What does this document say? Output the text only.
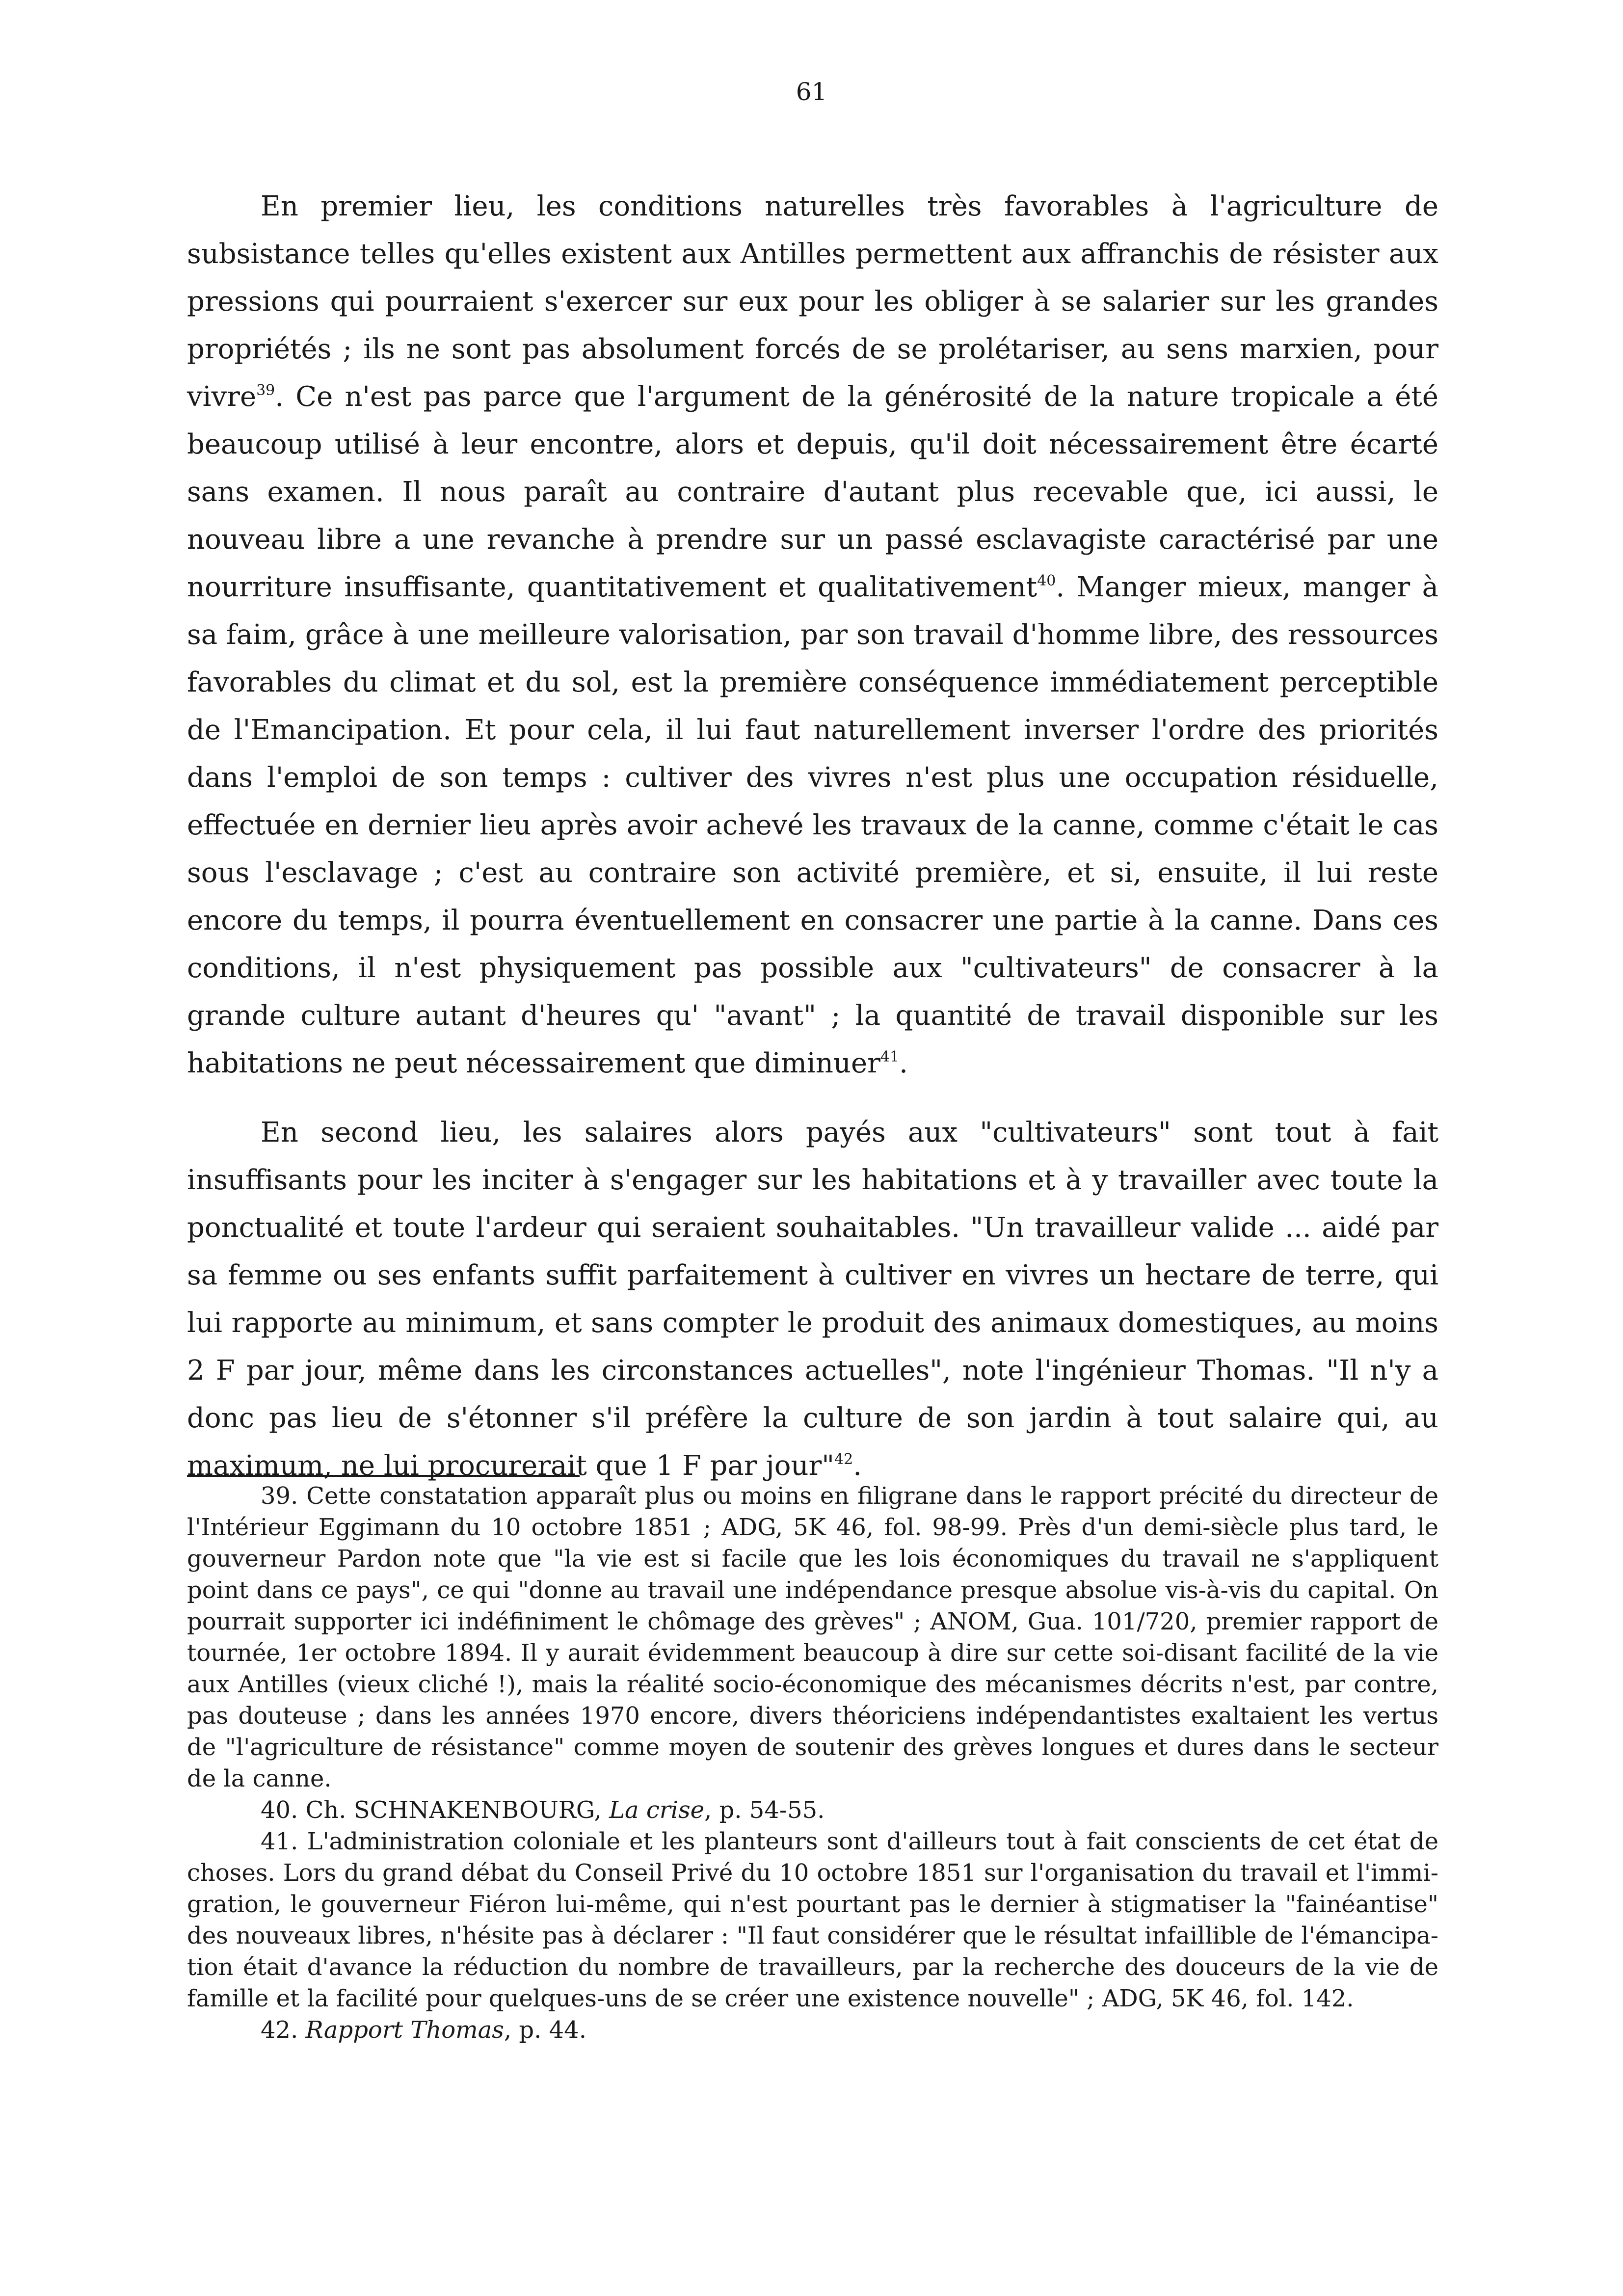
61

En premier lieu, les conditions naturelles très favorables à l'agriculture de subsistance telles qu'elles existent aux Antilles permettent aux affranchis de résister aux pressions qui pourraient s'exercer sur eux pour les obliger à se salarier sur les grandes propriétés ; ils ne sont pas absolument forcés de se prolétariser, au sens marxien, pour vivre$^{39}$. Ce n'est pas parce que l'argument de la générosité de la nature tropicale a été beaucoup utilisé à leur encontre, alors et depuis, qu'il doit nécessairement être écarté sans examen. Il nous paraît au contraire d'autant plus recevable que, ici aussi, le nouveau libre a une revanche à prendre sur un passé esclavagiste caractérisé par une nourriture insuffisante, quantitativement et qualitativement$^{40}$. Manger mieux, manger à sa faim, grâce à une meilleure valorisation, par son travail d'homme libre, des ressources favorables du climat et du sol, est la première conséquence immédiatement perceptible de l'Emancipation. Et pour cela, il lui faut naturellement inverser l'ordre des priorités dans l'emploi de son temps : cultiver des vivres n'est plus une occupation résiduelle, effectuée en dernier lieu après avoir achevé les travaux de la canne, comme c'était le cas sous l'esclavage ; c'est au contraire son activité première, et si, ensuite, il lui reste encore du temps, il pourra éventuellement en consacrer une partie à la canne. Dans ces conditions, il n'est physiquement pas possible aux "cultivateurs" de consacrer à la grande culture autant d'heures qu' "avant" ; la quantité de travail disponible sur les habitations ne peut nécessairement que diminuer$^{41}$.

En second lieu, les salaires alors payés aux "cultivateurs" sont tout à fait insuffisants pour les inciter à s'engager sur les habitations et à y travailler avec toute la ponctualité et toute l'ardeur qui seraient souhaitables. "Un travailleur valide ... aidé par sa femme ou ses enfants suffit parfaitement à cultiver en vivres un hectare de terre, qui lui rapporte au minimum, et sans compter le produit des animaux domestiques, au moins 2 F par jour, même dans les circonstances actuelles", note l'ingénieur Thomas. "Il n'y a donc pas lieu de s'étonner s'il préfère la culture de son jardin à tout salaire qui, au maximum, ne lui procurerait que 1 F par jour"$^{42}$.

39. Cette constatation apparaît plus ou moins en filigrane dans le rapport précité du directeur de l'Intérieur Eggimann du 10 octobre 1851 ; ADG, 5K 46, fol. 98-99. Près d'un demi-siècle plus tard, le gouverneur Pardon note que "la vie est si facile que les lois économiques du travail ne s'appliquent point dans ce pays", ce qui "donne au travail une indépendance presque absolue vis-à-vis du capital. On pourrait supporter ici indéfiniment le chômage des grèves" ; ANOM, Gua. 101/720, premier rapport de tournée, 1er octobre 1894. Il y aurait évidemment beaucoup à dire sur cette soi-disant facilité de la vie aux Antilles (vieux cliché !), mais la réalité socio-économique des mécanismes décrits n'est, par contre, pas douteuse ; dans les années 1970 encore, divers théoriciens indépendantistes exaltaient les vertus de "l'agriculture de résistance" comme moyen de soutenir des grèves longues et dures dans le secteur de la canne.

40. Ch. SCHNAKENBOURG, La crise, p. 54-55.

41. L'administration coloniale et les planteurs sont d'ailleurs tout à fait conscients de cet état de choses. Lors du grand débat du Conseil Privé du 10 octobre 1851 sur l'organisation du travail et l'immigration, le gouverneur Fiéron lui-même, qui n'est pourtant pas le dernier à stigmatiser la "fainéantise" des nouveaux libres, n'hésite pas à déclarer : "Il faut considérer que le résultat infaillible de l'émancipation était d'avance la réduction du nombre de travailleurs, par la recherche des douceurs de la vie de famille et la facilité pour quelques-uns de se créer une existence nouvelle" ; ADG, 5K 46, fol. 142.

42. Rapport Thomas, p. 44.
